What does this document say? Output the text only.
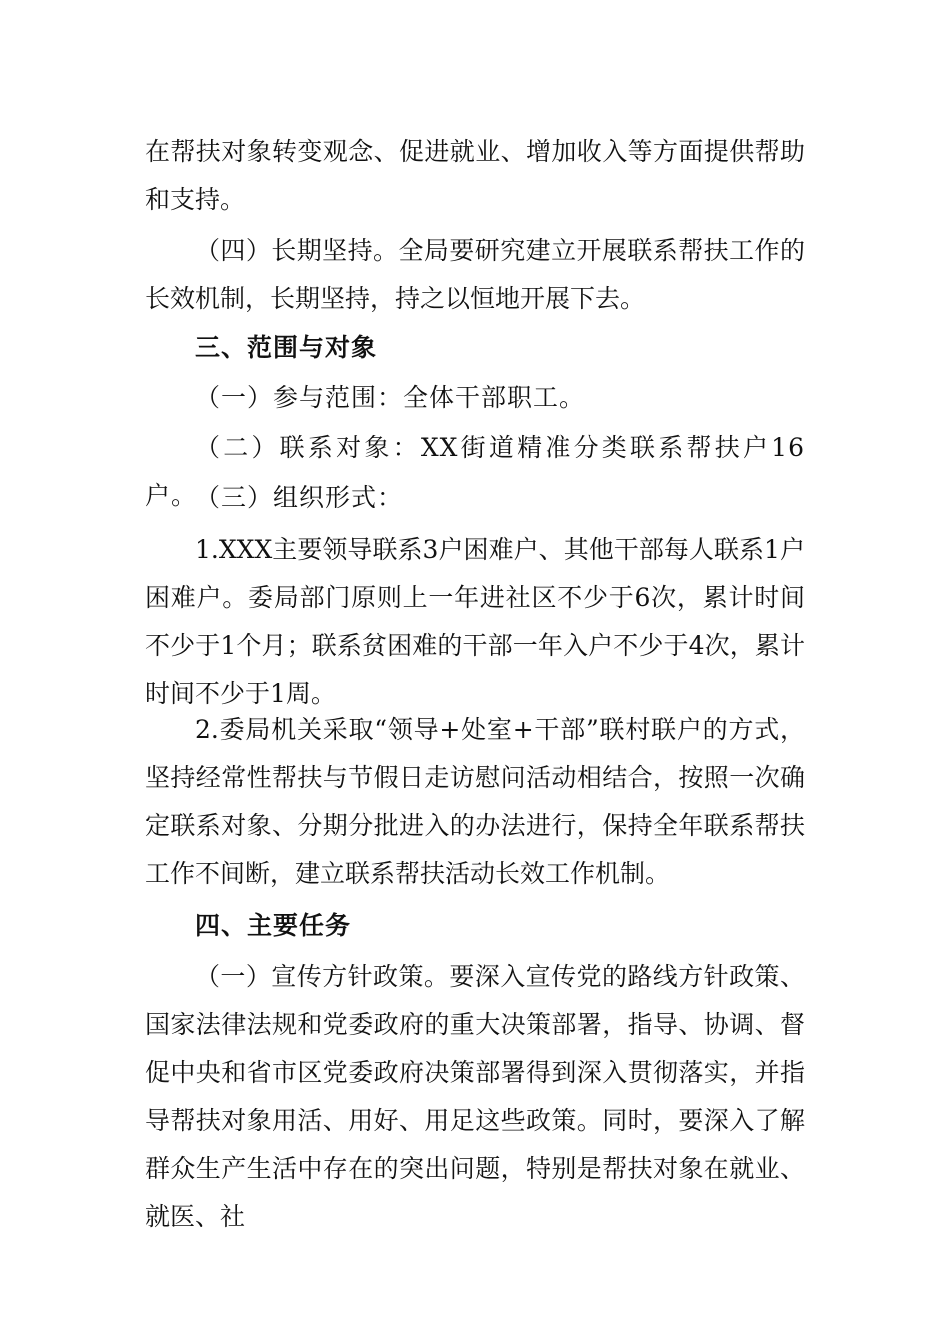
在帮扶对象转变观念、促进就业、增加收入等方面提供帮助和支持。

（四）长期坚持。全局要研究建立开展联系帮扶工作的长效机制，长期坚持，持之以恒地开展下去。

三、范围与对象

（一）参与范围：全体干部职工。

（二）联系对象：XX街道精准分类联系帮扶户16户。

（三）组织形式：

1.XXX主要领导联系3户困难户、其他干部每人联系1户困难户。委局部门原则上一年进社区不少于6次，累计时间不少于1个月；联系贫困难的干部一年入户不少于4次，累计时间不少于1周。

2.委局机关采取“领导+处室+干部”联村联户的方式，坚持经常性帮扶与节假日走访慰问活动相结合，按照一次确定联系对象、分期分批进入的办法进行，保持全年联系帮扶工作不间断，建立联系帮扶活动长效工作机制。

四、主要任务

（一）宣传方针政策。要深入宣传党的路线方针政策、国家法律法规和党委政府的重大决策部署，指导、协调、督促中央和省市区党委政府决策部署得到深入贯彻落实，并指导帮扶对象用活、用好、用足这些政策。同时，要深入了解群众生产生活中存在的突出问题，特别是帮扶对象在就业、就医、社
